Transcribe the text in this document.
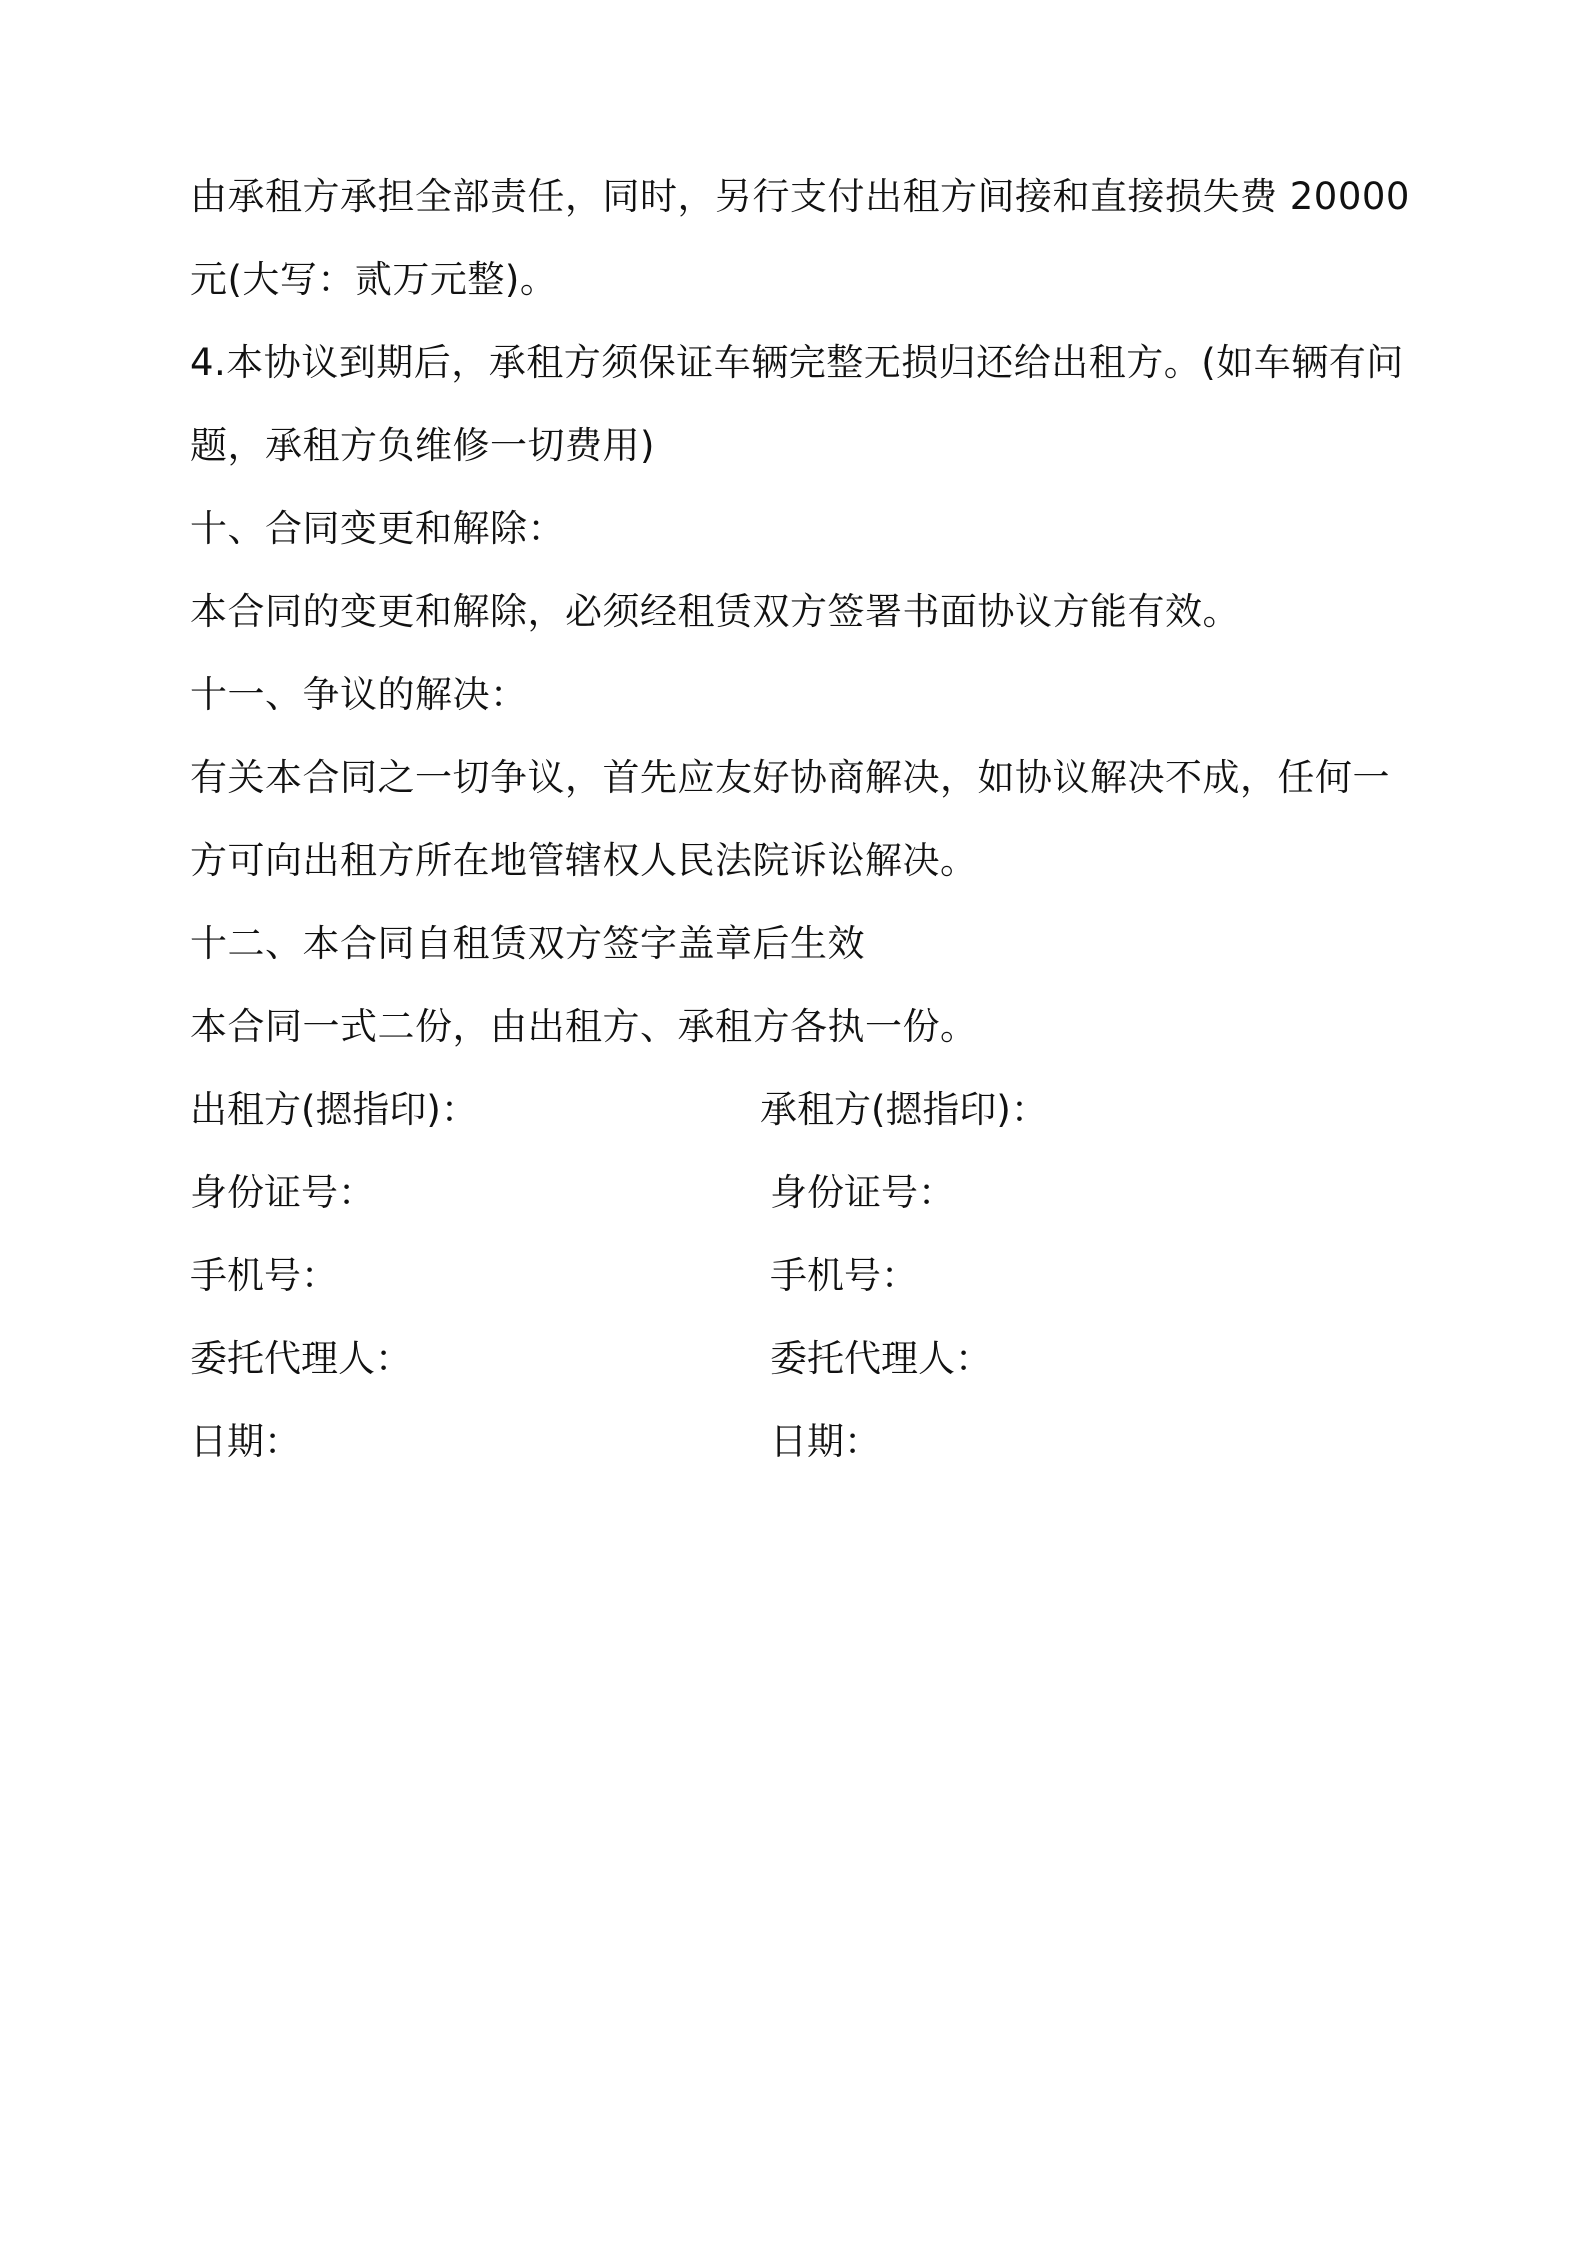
由承租方承担全部责任，同时，另行支付出租方间接和直接损失费 20000
元(大写：贰万元整)。
4.本协议到期后，承租方须保证车辆完整无损归还给出租方。(如车辆有问
题，承租方负维修一切费用)
十、合同变更和解除：
本合同的变更和解除，必须经租赁双方签署书面协议方能有效。
十一、争议的解决：
有关本合同之一切争议，首先应友好协商解决，如协议解决不成，任何一
方可向出租方所在地管辖权人民法院诉讼解决。
十二、本合同自租赁双方签字盖章后生效
本合同一式二份，由出租方、承租方各执一份。
出租方(摁指印)：	承租方(摁指印)：
身份证号：	身份证号：
手机号：	手机号：
委托代理人：	委托代理人：
日期：	日期：
